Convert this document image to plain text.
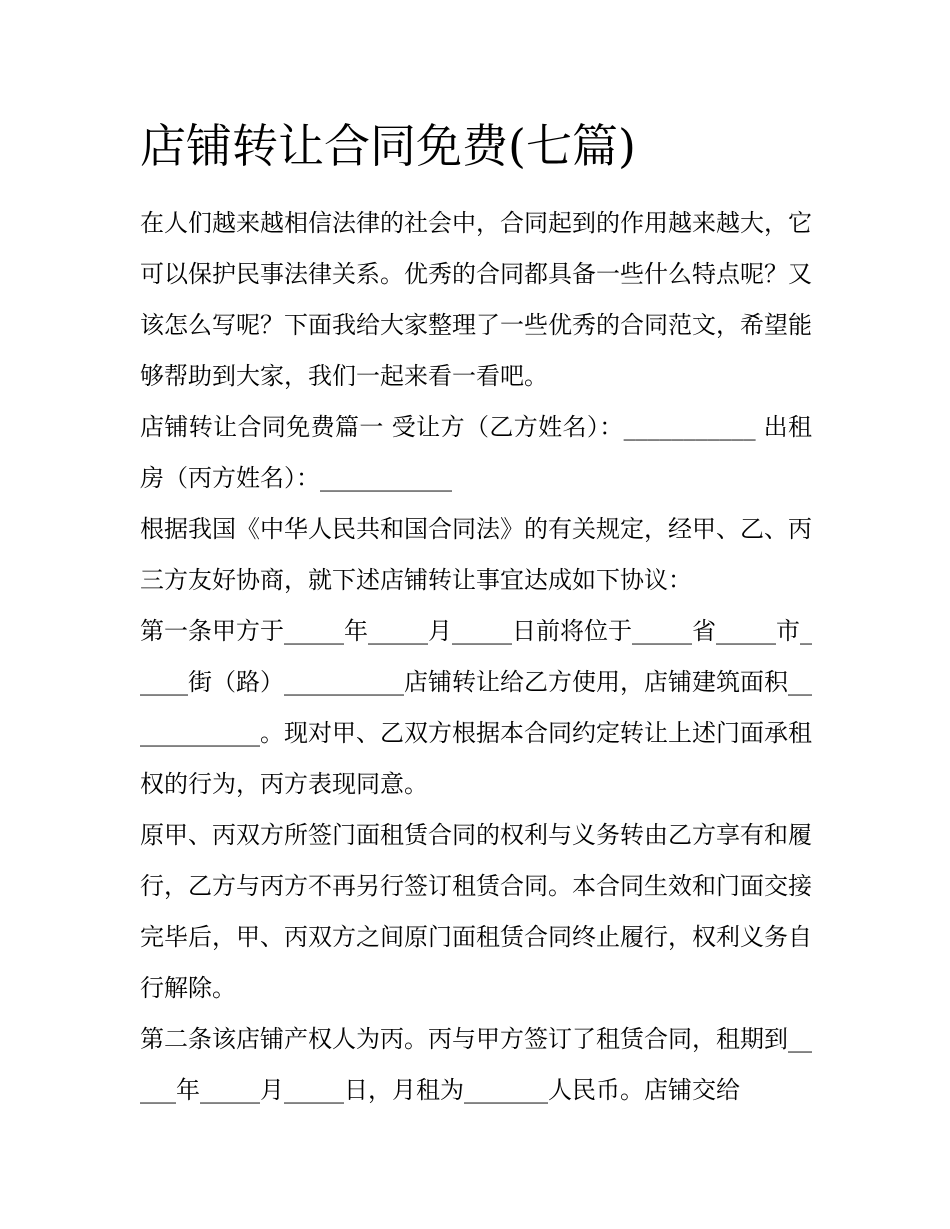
店铺转让合同免费(七篇)

在人们越来越相信法律的社会中，合同起到的作用越来越大，它可以保护民事法律关系。优秀的合同都具备一些什么特点呢？又该怎么写呢？下面我给大家整理了一些优秀的合同范文，希望能够帮助到大家，我们一起来看一看吧。

店铺转让合同免费篇一 受让方（乙方姓名）：___________ 出租房（丙方姓名）：___________

根据我国《中华人民共和国合同法》的有关规定，经甲、乙、丙三方友好协商，就下述店铺转让事宜达成如下协议：

第一条甲方于_____年_____月_____日前将位于_____省_____市_____街（路）__________店铺转让给乙方使用，店铺建筑面积____________。现对甲、乙双方根据本合同约定转让上述门面承租权的行为，丙方表现同意。

原甲、丙双方所签门面租赁合同的权利与义务转由乙方享有和履行，乙方与丙方不再另行签订租赁合同。本合同生效和门面交接完毕后，甲、丙双方之间原门面租赁合同终止履行，权利义务自行解除。

第二条该店铺产权人为丙。丙与甲方签订了租赁合同，租期到_____年_____月_____日，月租为_______人民币。店铺交给
